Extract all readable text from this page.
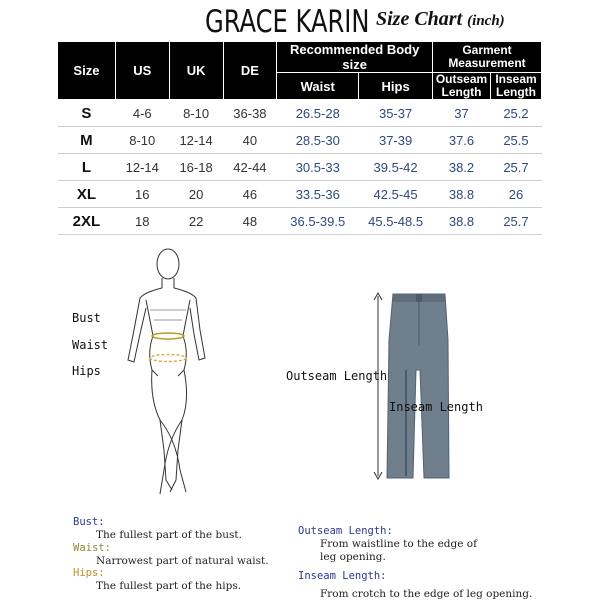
GRACE KARIN Size Chart (inch)
Size	US	UK	DE	Recommended Body size		Garment Measurement	
				Waist	Hips	Outseam Length	Inseam Length
S	4-6	8-10	36-38	26.5-28	35-37	37	25.2
M	8-10	12-14	40	28.5-30	37-39	37.6	25.5
L	12-14	16-18	42-44	30.5-33	39.5-42	38.2	25.7
XL	16	20	46	33.5-36	42.5-45	38.8	26
2XL	18	22	48	36.5-39.5	45.5-48.5	38.8	25.7
Bust
Waist
Hips	Outseam Length
Inseam Length
Bust:
The fullest part of the bust.
Waist:
Narrowest part of natural waist.
Hips:
The fullest part of the hips.
Outseam Length:
From waistline to the edge of
leg opening.
Inseam Length:
From crotch to the edge of leg opening.
